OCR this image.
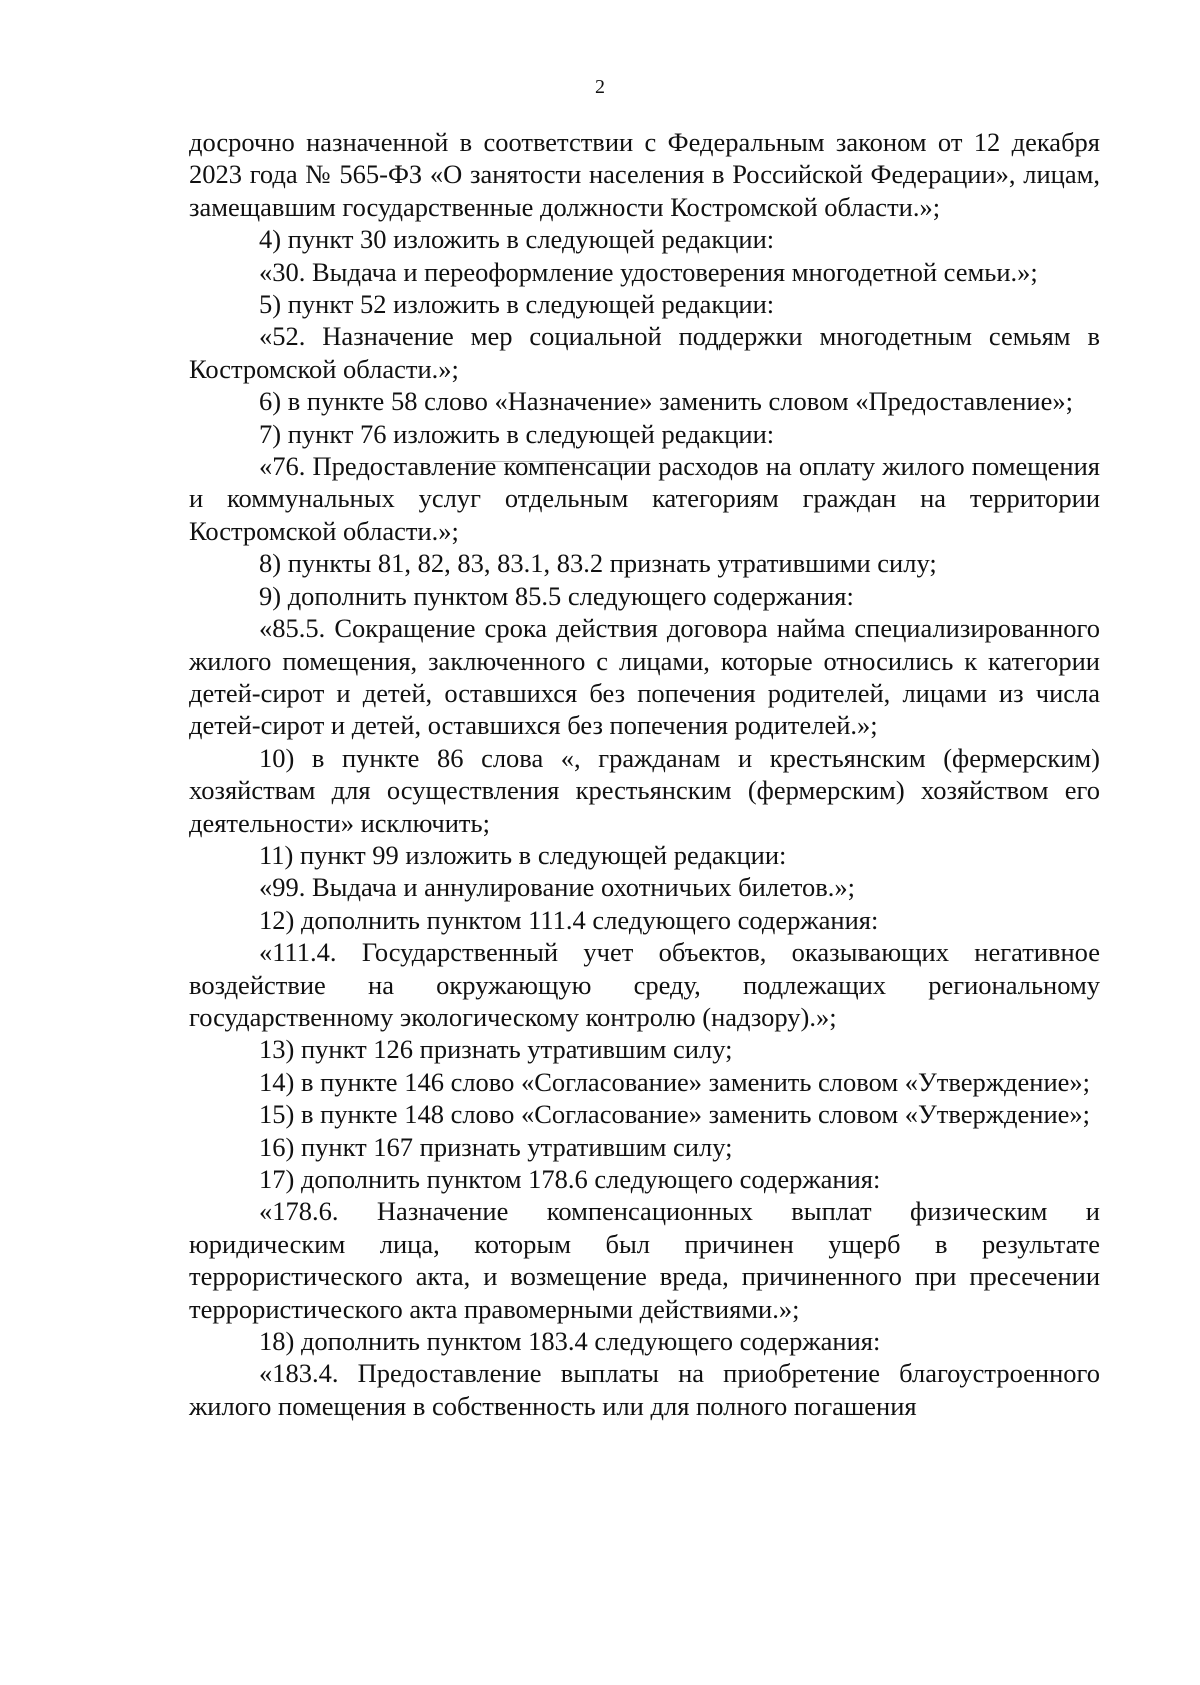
2

досрочно назначенной в соответствии с Федеральным законом от 12 декабря 2023 года № 565-ФЗ «О занятости населения в Российской Федерации», лицам, замещавшим государственные должности Костромской области.»;

4) пункт 30 изложить в следующей редакции:

«30. Выдача и переоформление удостоверения многодетной семьи.»;

5) пункт 52 изложить в следующей редакции:

«52. Назначение мер социальной поддержки многодетным семьям в Костромской области.»;

6) в пункте 58 слово «Назначение» заменить словом «Предоставление»;

7) пункт 76 изложить в следующей редакции:

«76. Предоставление компенсации расходов на оплату жилого помещения и коммунальных услуг отдельным категориям граждан на территории Костромской области.»;

8) пункты 81, 82, 83, 83.1, 83.2 признать утратившими силу;

9) дополнить пунктом 85.5 следующего содержания:

«85.5. Сокращение срока действия договора найма специализированного жилого помещения, заключенного с лицами, которые относились к категории детей-сирот и детей, оставшихся без попечения родителей, лицами из числа детей-сирот и детей, оставшихся без попечения родителей.»;

10) в пункте 86 слова «, гражданам и крестьянским (фермерским) хозяйствам для осуществления крестьянским (фермерским) хозяйством его деятельности» исключить;

11) пункт 99 изложить в следующей редакции:

«99. Выдача и аннулирование охотничьих билетов.»;

12) дополнить пунктом 111.4 следующего содержания:

«111.4. Государственный учет объектов, оказывающих негативное воздействие на окружающую среду, подлежащих региональному государственному экологическому контролю (надзору).»;

13) пункт 126 признать утратившим силу;

14) в пункте 146 слово «Согласование» заменить словом «Утверждение»;

15) в пункте 148 слово «Согласование» заменить словом «Утверждение»;

16) пункт 167 признать утратившим силу;

17) дополнить пунктом 178.6 следующего содержания:

«178.6. Назначение компенсационных выплат физическим и юридическим лица, которым был причинен ущерб в результате террористического акта, и возмещение вреда, причиненного при пресечении террористического акта правомерными действиями.»;

18) дополнить пунктом 183.4 следующего содержания:

«183.4. Предоставление выплаты на приобретение благоустроенного жилого помещения в собственность или для полного погашения
